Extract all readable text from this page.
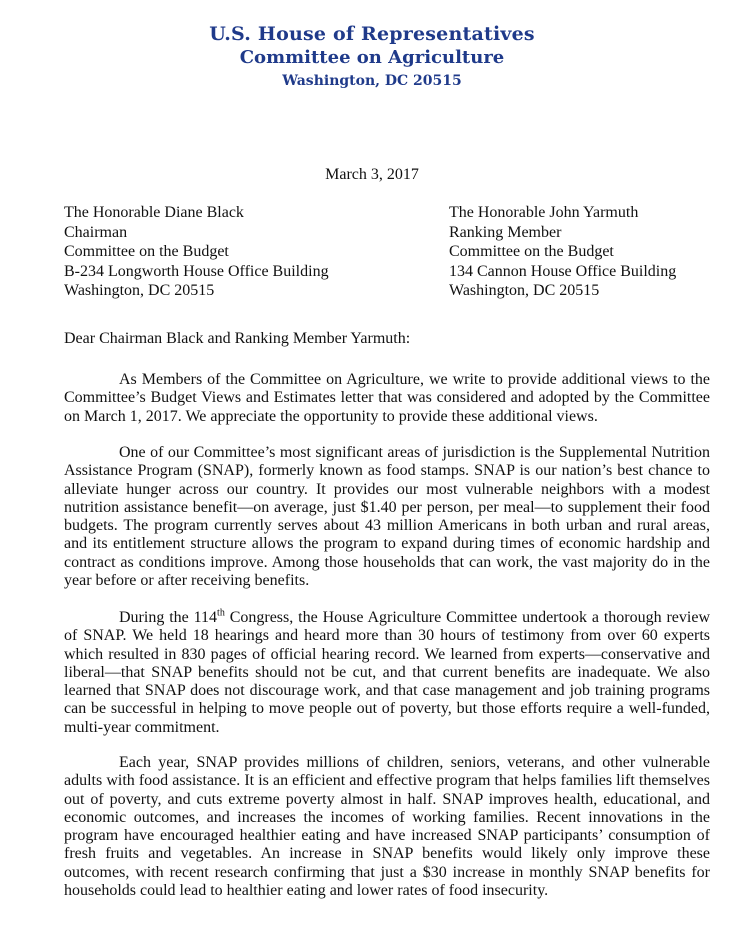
U.S. House of Representatives
Committee on Agriculture
Washington, DC 20515
March 3, 2017
The Honorable Diane Black
Chairman
Committee on the Budget
B-234 Longworth House Office Building
Washington, DC 20515
The Honorable John Yarmuth
Ranking Member
Committee on the Budget
134 Cannon House Office Building
Washington, DC 20515
Dear Chairman Black and Ranking Member Yarmuth:

As Members of the Committee on Agriculture, we write to provide additional views to the Committee’s Budget Views and Estimates letter that was considered and adopted by the Committee on March 1, 2017. We appreciate the opportunity to provide these additional views.

One of our Committee’s most significant areas of jurisdiction is the Supplemental Nutrition Assistance Program (SNAP), formerly known as food stamps. SNAP is our nation’s best chance to alleviate hunger across our country. It provides our most vulnerable neighbors with a modest nutrition assistance benefit—on average, just $1.40 per person, per meal—to supplement their food budgets. The program currently serves about 43 million Americans in both urban and rural areas, and its entitlement structure allows the program to expand during times of economic hardship and contract as conditions improve. Among those households that can work, the vast majority do in the year before or after receiving benefits.

During the 114th Congress, the House Agriculture Committee undertook a thorough review of SNAP. We held 18 hearings and heard more than 30 hours of testimony from over 60 experts which resulted in 830 pages of official hearing record. We learned from experts—conservative and liberal—that SNAP benefits should not be cut, and that current benefits are inadequate. We also learned that SNAP does not discourage work, and that case management and job training programs can be successful in helping to move people out of poverty, but those efforts require a well-funded, multi-year commitment.

Each year, SNAP provides millions of children, seniors, veterans, and other vulnerable adults with food assistance. It is an efficient and effective program that helps families lift themselves out of poverty, and cuts extreme poverty almost in half. SNAP improves health, educational, and economic outcomes, and increases the incomes of working families. Recent innovations in the program have encouraged healthier eating and have increased SNAP participants’ consumption of fresh fruits and vegetables. An increase in SNAP benefits would likely only improve these outcomes, with recent research confirming that just a $30 increase in monthly SNAP benefits for households could lead to healthier eating and lower rates of food insecurity.
